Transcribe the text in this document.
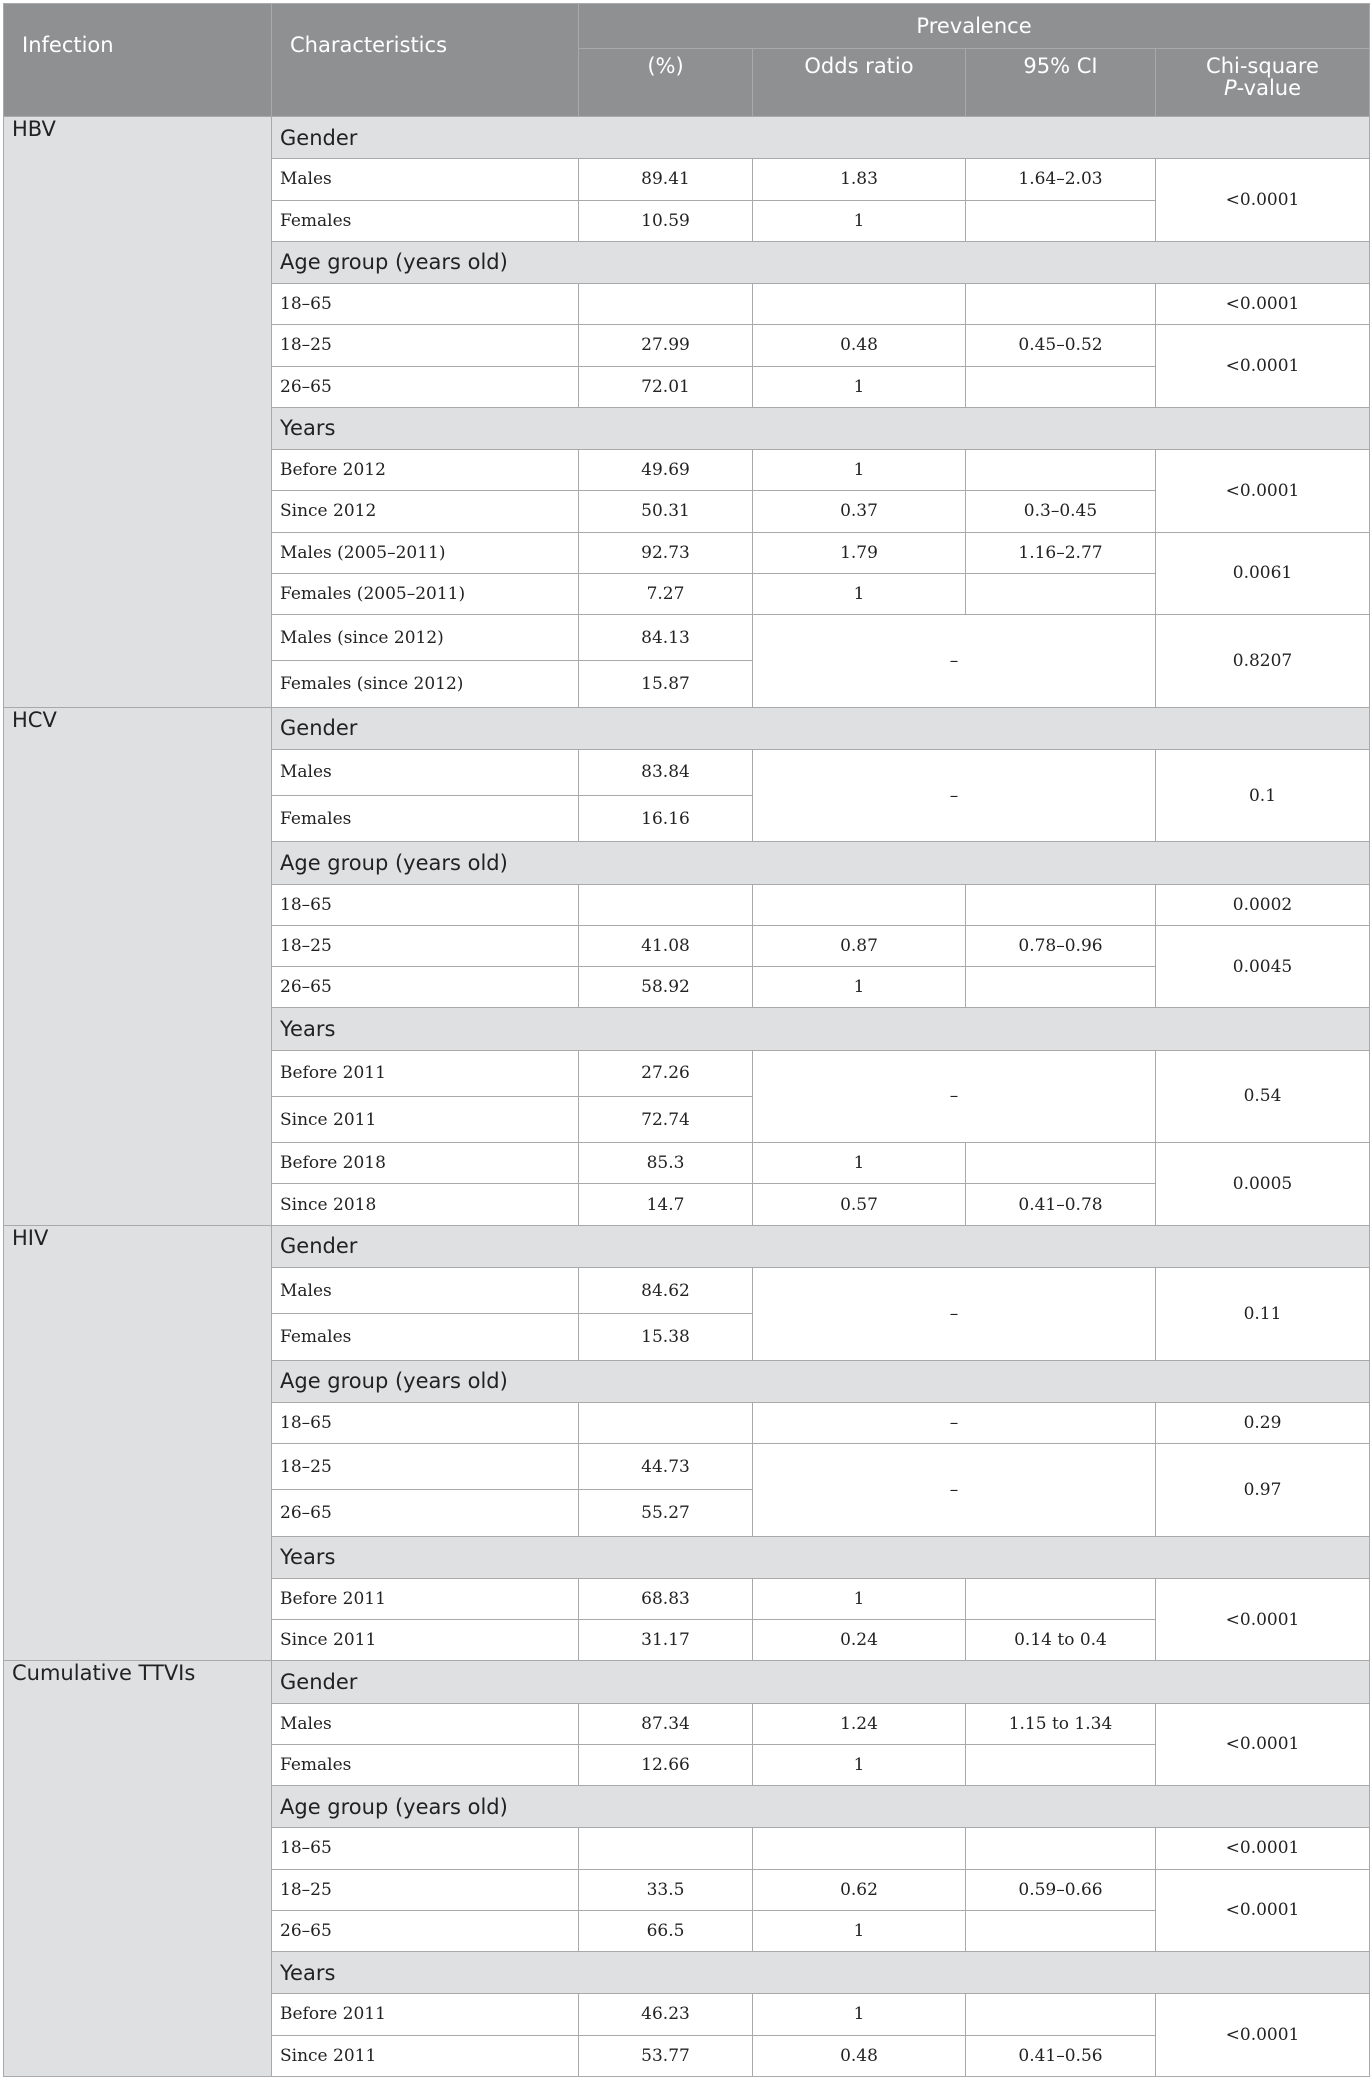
Infection	Characteristics	Prevalence			
		(%)	Odds ratio	95% CI	Chi-square
P-value
HBV	Gender				
	Males	89.41	1.83	1.64–2.03	<0.0001
	Females	10.59	1		
	Age group (years old)				
	18–65				<0.0001
	18–25	27.99	0.48	0.45–0.52	<0.0001
	26–65	72.01	1		
	Years				
	Before 2012	49.69	1		<0.0001
	Since 2012	50.31	0.37	0.3–0.45	
	Males (2005–2011)	92.73	1.79	1.16–2.77	0.0061
	Females (2005–2011)	7.27	1		
	Males (since 2012)	84.13	–		0.8207
	Females (since 2012)	15.87			
HCV	Gender				
	Males	83.84	–		0.1
	Females	16.16			
	Age group (years old)				
	18–65				0.0002
	18–25	41.08	0.87	0.78–0.96	0.0045
	26–65	58.92	1		
	Years				
	Before 2011	27.26	–		0.54
	Since 2011	72.74			
	Before 2018	85.3	1		0.0005
	Since 2018	14.7	0.57	0.41–0.78	
HIV	Gender				
	Males	84.62	–		0.11
	Females	15.38			
	Age group (years old)				
	18–65		–		0.29
	18–25	44.73	–		0.97
	26–65	55.27			
	Years				
	Before 2011	68.83	1		<0.0001
	Since 2011	31.17	0.24	0.14 to 0.4	
Cumulative TTVIs	Gender				
	Males	87.34	1.24	1.15 to 1.34	<0.0001
	Females	12.66	1		
	Age group (years old)				
	18–65				<0.0001
	18–25	33.5	0.62	0.59–0.66	<0.0001
	26–65	66.5	1		
	Years				
	Before 2011	46.23	1		<0.0001
	Since 2011	53.77	0.48	0.41–0.56	
